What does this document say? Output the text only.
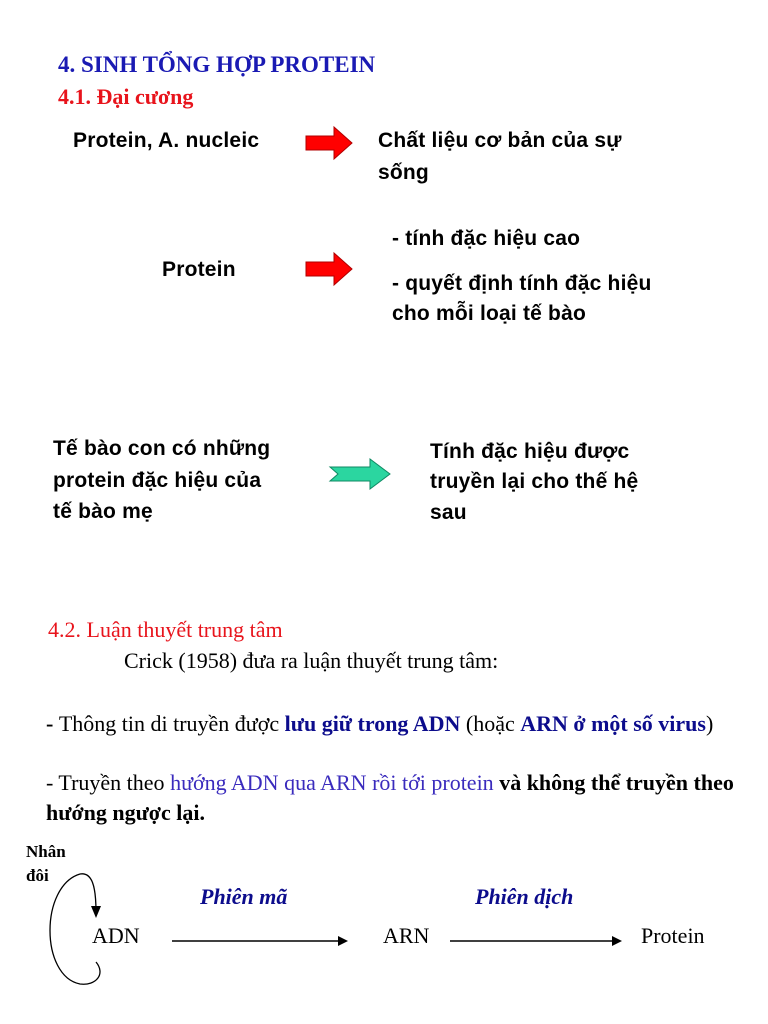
4. SINH TỔNG HỢP PROTEIN
4.1. Đại cương
Protein, A. nucleic	Chất liệu cơ bản của sự
sống
Protein
- tính đặc hiệu cao
- quyết định tính đặc hiệu
cho mỗi loại tế bào
Tế bào con có những
protein đặc hiệu của
tế bào mẹ
Tính đặc hiệu được
truyền lại cho thế hệ
sau
4.2. Luận thuyết trung tâm
Crick (1958) đưa ra luận thuyết trung tâm:
- Thông tin di truyền được lưu giữ trong ADN (hoặc ARN ở một số virus)
- Truyền theo hướng ADN qua ARN rồi tới protein và không thể truyền theo hướng ngược lại.
Nhân
đôi
ADN
Phiên mã
ARN
Phiên dịch
Protein
